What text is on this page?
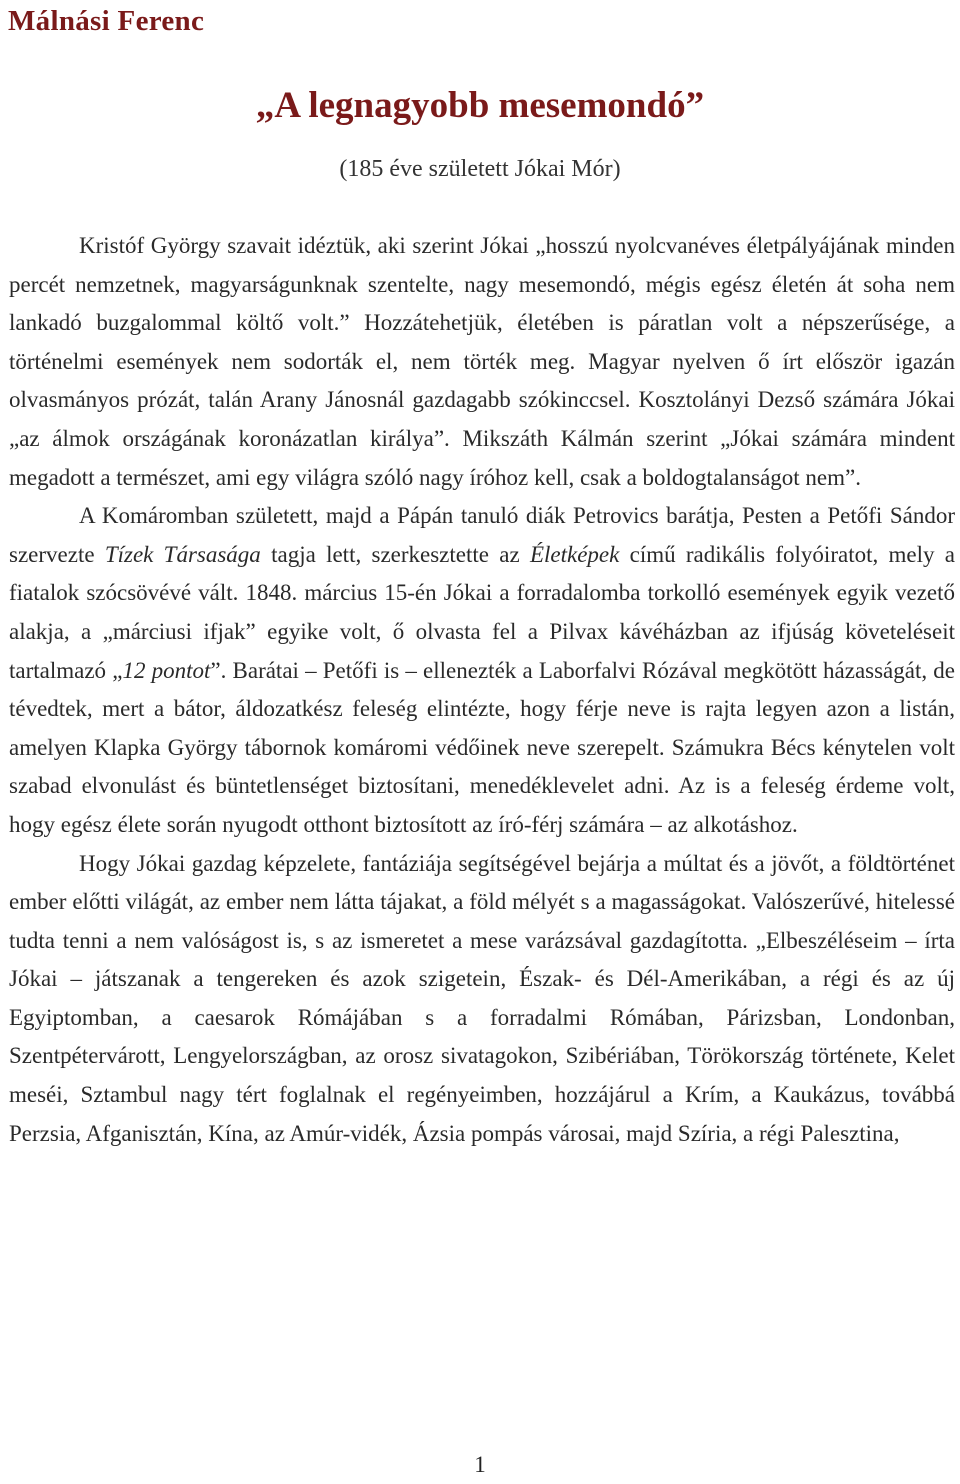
Málnási Ferenc
„A legnagyobb mesemondó”

(185 éve született Jókai Mór)

Kristóf György szavait idéztük, aki szerint Jókai „hosszú nyolcvanéves életpályájának minden percét nemzetnek, magyarságunknak szentelte, nagy mesemondó, mégis egész életén át soha nem lankadó buzgalommal költő volt.” Hozzátehetjük, életében is páratlan volt a népszerűsége, a történelmi események nem sodorták el, nem törték meg. Magyar nyelven ő írt először igazán olvasmányos prózát, talán Arany Jánosnál gazdagabb szókinccsel. Kosztolányi Dezső számára Jókai „az álmok országának koronázatlan királya”. Mikszáth Kálmán szerint „Jókai számára mindent megadott a természet, ami egy világra szóló nagy íróhoz kell, csak a boldogtalanságot nem”.

A Komáromban született, majd a Pápán tanuló diák Petrovics barátja, Pesten a Petőfi Sándor szervezte Tízek Társasága tagja lett, szerkesztette az Életképek című radikális folyóiratot, mely a fiatalok szócsövévé vált. 1848. március 15-én Jókai a forradalomba torkolló események egyik vezető alakja, a „márciusi ifjak” egyike volt, ő olvasta fel a Pilvax kávéházban az ifjúság követeléseit tartalmazó „12 pontot”. Barátai – Petőfi is – ellenezték a Laborfalvi Rózával megkötött házasságát, de tévedtek, mert a bátor, áldozatkész feleség elintézte, hogy férje neve is rajta legyen azon a listán, amelyen Klapka György tábornok komáromi védőinek neve szerepelt. Számukra Bécs kénytelen volt szabad elvonulást és büntetlenséget biztosítani, menedéklevelet adni. Az is a feleség érdeme volt, hogy egész élete során nyugodt otthont biztosított az író-férj számára – az alkotáshoz.

Hogy Jókai gazdag képzelete, fantáziája segítségével bejárja a múltat és a jövőt, a földtörténet ember előtti világát, az ember nem látta tájakat, a föld mélyét s a magasságokat. Valószerűvé, hitelessé tudta tenni a nem valóságost is, s az ismeretet a mese varázsával gazdagította. „Elbeszéléseim – írta Jókai – játszanak a tengereken és azok szigetein, Észak- és Dél-Amerikában, a régi és az új Egyiptomban, a caesarok Rómájában s a forradalmi Rómában, Párizsban, Londonban, Szentpétervárott, Lengyelországban, az orosz sivatagokon, Szibériában, Törökország története, Kelet meséi, Sztambul nagy tért foglalnak el regényeimben, hozzájárul a Krím, a Kaukázus, továbbá Perzsia, Afganisztán, Kína, az Amúr-vidék, Ázsia pompás városai, majd Szíria, a régi Palesztina,

1
